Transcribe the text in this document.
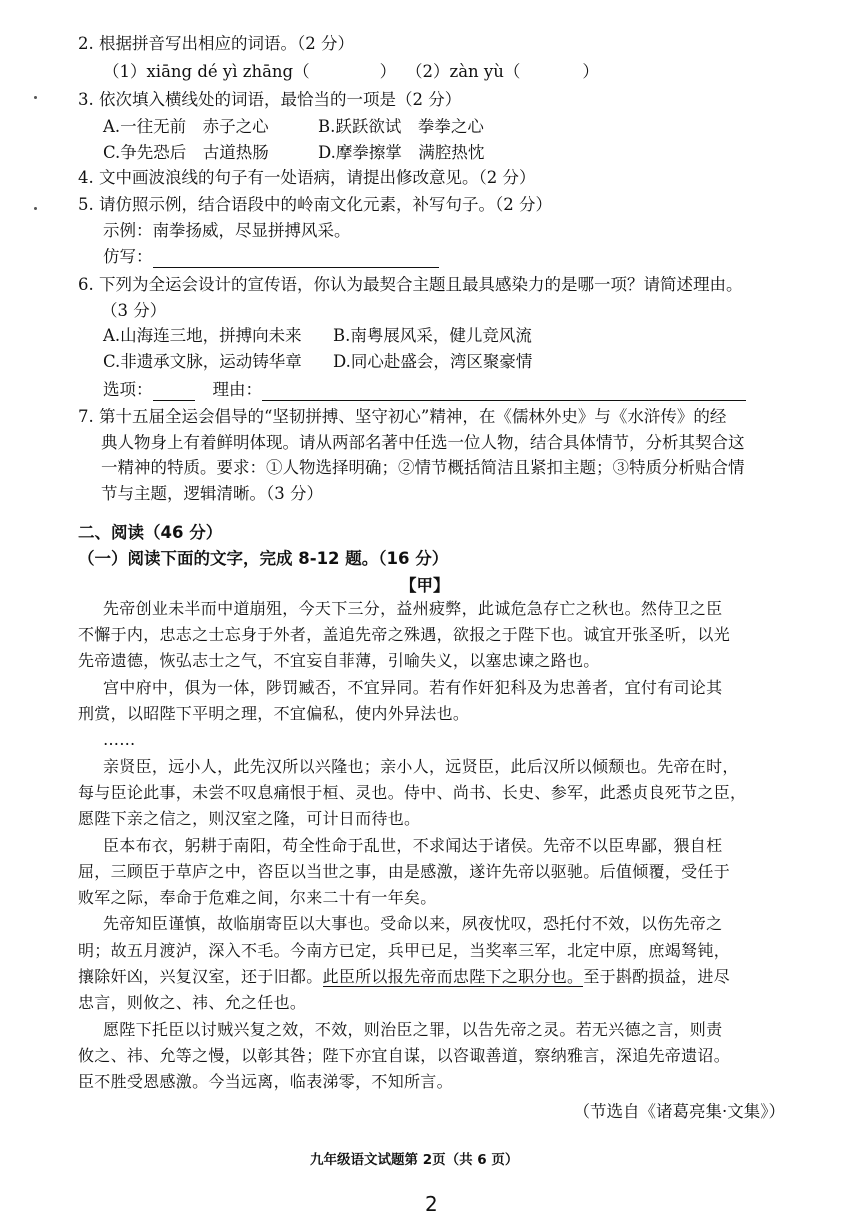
2. 根据拼音写出相应的词语。（2 分）
（1）xiāng dé yì zhāng（	） （2）zàn yù（	）
3. 依次填入横线处的词语，最恰当的一项是（2 分）
A.一往无前　赤子之心	B.跃跃欲试　拳拳之心
C.争先恐后　古道热肠	D.摩拳擦掌　满腔热忱
4. 文中画波浪线的句子有一处语病，请提出修改意见。（2 分）
5. 请仿照示例，结合语段中的岭南文化元素，补写句子。（2 分）
示例：南拳扬威，尽显拼搏风采。
仿写：
6. 下列为全运会设计的宣传语，你认为最契合主题且最具感染力的是哪一项？请简述理由。
（3 分）
A.山海连三地，拼搏向未来 B.南粤展风采，健儿竞风流
C.非遗承文脉，运动铸华章 D.同心赴盛会，湾区聚豪情
选项：	理由：
7. 第十五届全运会倡导的“坚韧拼搏、坚守初心”精神，在《儒林外史》与《水浒传》的经
典人物身上有着鲜明体现。请从两部名著中任选一位人物，结合具体情节，分析其契合这
一精神的特质。要求：①人物选择明确；②情节概括简洁且紧扣主题；③特质分析贴合情
节与主题，逻辑清晰。（3 分）
二、阅读（46 分）
（一）阅读下面的文字，完成 8-12 题。（16 分）
【甲】
先帝创业未半而中道崩殂，今天下三分，益州疲弊，此诚危急存亡之秋也。然侍卫之臣
不懈于内，忠志之士忘身于外者，盖追先帝之殊遇，欲报之于陛下也。诚宜开张圣听，以光
先帝遗德，恢弘志士之气，不宜妄自菲薄，引喻失义，以塞忠谏之路也。
宫中府中，俱为一体，陟罚臧否，不宜异同。若有作奸犯科及为忠善者，宜付有司论其
刑赏，以昭陛下平明之理，不宜偏私，使内外异法也。
……
亲贤臣，远小人，此先汉所以兴隆也；亲小人，远贤臣，此后汉所以倾颓也。先帝在时，
每与臣论此事，未尝不叹息痛恨于桓、灵也。侍中、尚书、长史、参军，此悉贞良死节之臣，
愿陛下亲之信之，则汉室之隆，可计日而待也。
臣本布衣，躬耕于南阳，苟全性命于乱世，不求闻达于诸侯。先帝不以臣卑鄙，猥自枉
屈，三顾臣于草庐之中，咨臣以当世之事，由是感激，遂许先帝以驱驰。后值倾覆，受任于
败军之际，奉命于危难之间，尔来二十有一年矣。
先帝知臣谨慎，故临崩寄臣以大事也。受命以来，夙夜忧叹，恐托付不效，以伤先帝之
明；故五月渡泸，深入不毛。今南方已定，兵甲已足，当奖率三军，北定中原，庶竭驽钝，
攘除奸凶，兴复汉室，还于旧都。此臣所以报先帝而忠陛下之职分也。至于斟酌损益，进尽
忠言，则攸之、祎、允之任也。
愿陛下托臣以讨贼兴复之效，不效，则治臣之罪，以告先帝之灵。若无兴德之言，则责
攸之、祎、允等之慢，以彰其咎；陛下亦宜自谋，以咨诹善道，察纳雅言，深追先帝遗诏。
臣不胜受恩感激。今当远离，临表涕零，不知所言。
（节选自《诸葛亮集·文集》）
九年级语文试题第 2页（共 6 页）
2
